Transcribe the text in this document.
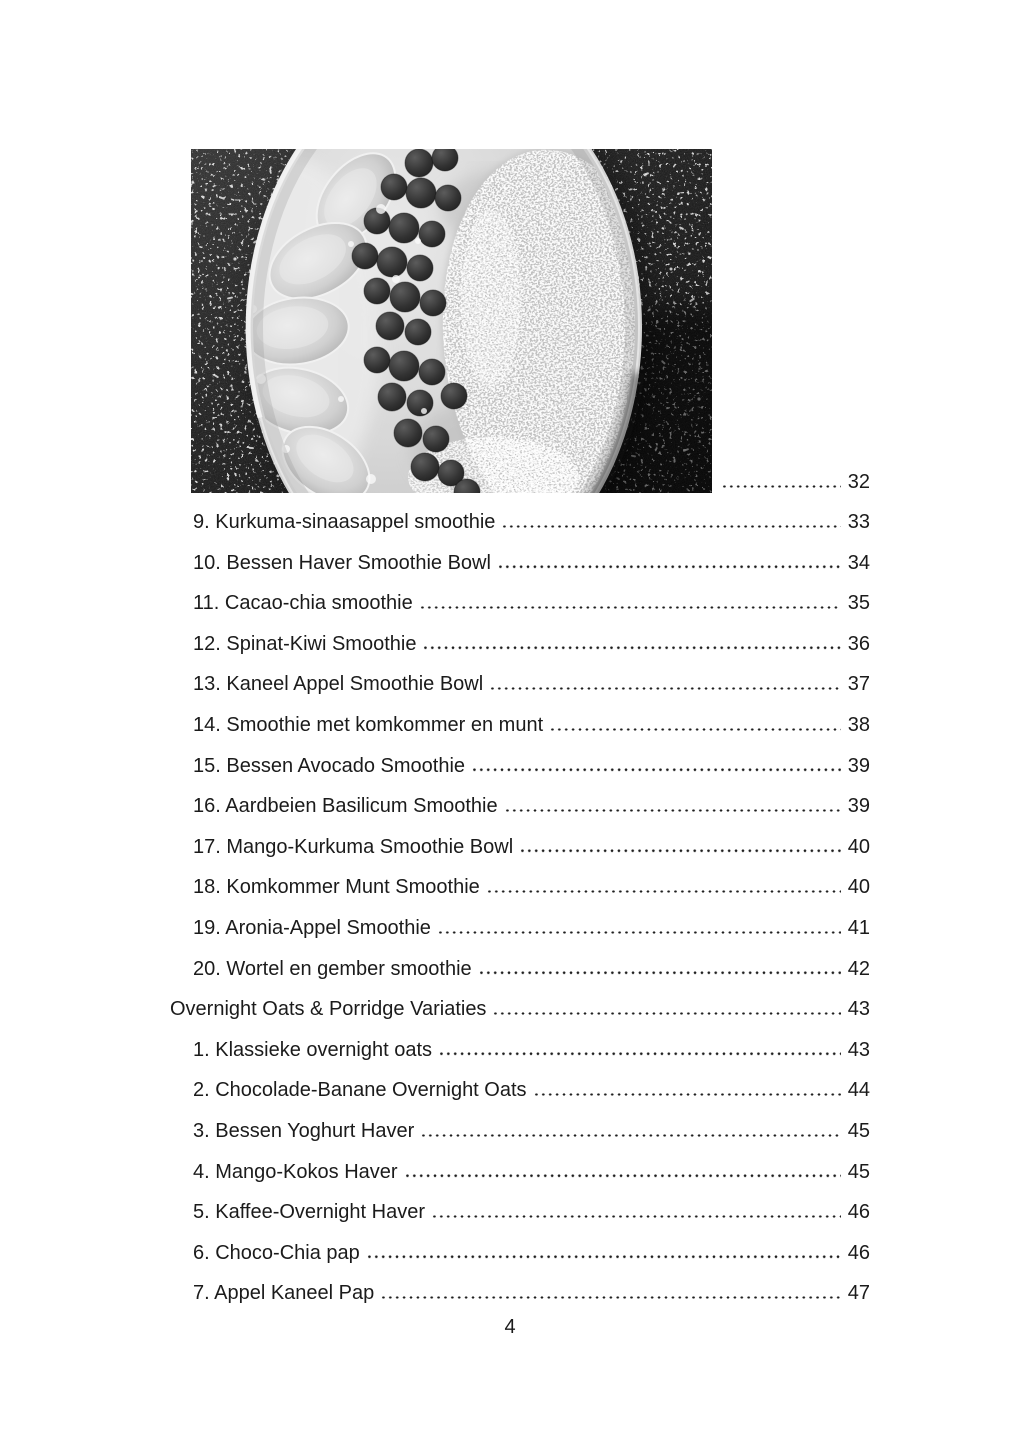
32
9. Kurkuma-sinaasappel smoothie	33
10. Bessen Haver Smoothie Bowl	34
11. Cacao-chia smoothie	35
12. Spinat-Kiwi Smoothie	36
13. Kaneel Appel Smoothie Bowl	37
14. Smoothie met komkommer en munt	38
15. Bessen Avocado Smoothie	39
16. Aardbeien Basilicum Smoothie	39
17. Mango-Kurkuma Smoothie Bowl	40
18. Komkommer Munt Smoothie	40
19. Aronia-Appel Smoothie	41
20. Wortel en gember smoothie	42
Overnight Oats & Porridge Variaties	43
1. Klassieke overnight oats	43
2. Chocolade-Banane Overnight Oats	44
3. Bessen Yoghurt Haver	45
4. Mango-Kokos Haver	45
5. Kaffee-Overnight Haver	46
6. Choco-Chia pap	46
7. Appel Kaneel Pap	47
4
